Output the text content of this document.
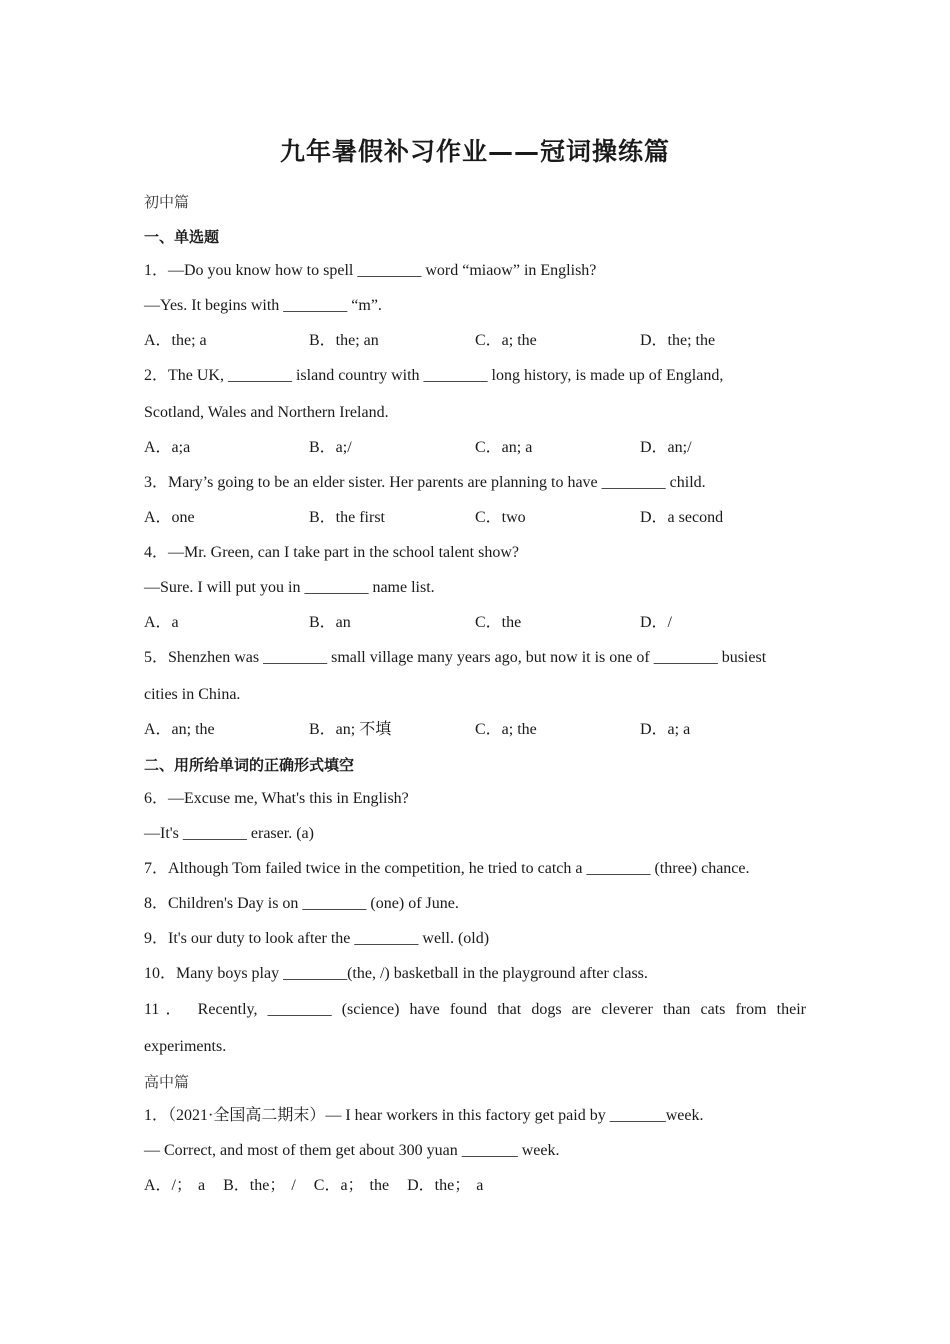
九年暑假补习作业——冠词操练篇
初中篇
一、单选题
1．—Do you know how to spell ________ word “miaow” in English?
—Yes. It begins with ________ “m”.
A．the; a	B．the; an	C．a; the	D．the; the
2．The UK, ________ island country with ________ long history, is made up of England,
Scotland, Wales and Northern Ireland.
A．a;a	B．a;/	C．an; a	D．an;/
3．Mary’s going to be an elder sister. Her parents are planning to have ________ child.
A．one	B．the first	C．two	D．a second
4．—Mr. Green, can I take part in the school talent show?
—Sure. I will put you in ________ name list.
A．a	B．an	C．the	D．/
5．Shenzhen was ________ small village many years ago, but now it is one of ________ busiest
cities in China.
A．an; the	B．an; 不填	C．a; the	D．a; a
二、用所给单词的正确形式填空
6．—Excuse me, What's this in English?
—It's ________ eraser. (a)
7．Although Tom failed twice in the competition, he tried to catch a ________ (three) chance.
8．Children's Day is on ________ (one) of June.
9．It's our duty to look after the ________ well. (old)
10．Many boys play ________(the, /) basketball in the playground after class.
11． Recently, ________ (science) have found that dogs are cleverer than cats from their
experiments.
高中篇
1．（2021·全国高二期末）— I hear workers in this factory get paid by _______week.
— Correct, and most of them get about 300 yuan _______ week.
A．/； a B．the； / C．a； the D．the； a
